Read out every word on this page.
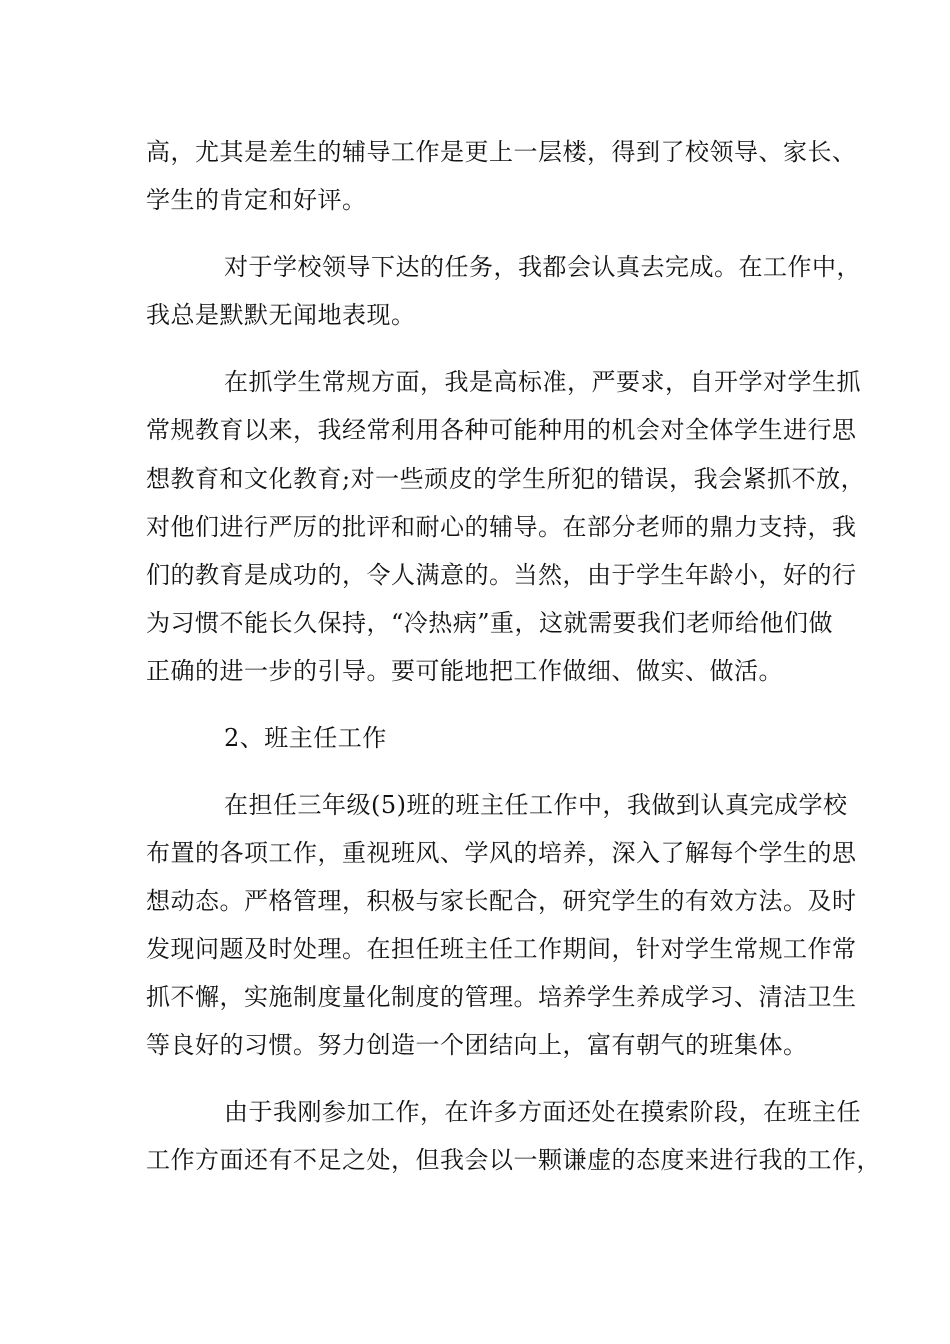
高，尤其是差生的辅导工作是更上一层楼，得到了校领导、家长、
学生的肯定和好评。
对于学校领导下达的任务，我都会认真去完成。在工作中，
我总是默默无闻地表现。
在抓学生常规方面，我是高标准，严要求，自开学对学生抓
常规教育以来，我经常利用各种可能种用的机会对全体学生进行思
想教育和文化教育;对一些顽皮的学生所犯的错误，我会紧抓不放，
对他们进行严厉的批评和耐心的辅导。在部分老师的鼎力支持，我
们的教育是成功的，令人满意的。当然，由于学生年龄小，好的行
为习惯不能长久保持，“冷热病”重，这就需要我们老师给他们做
正确的进一步的引导。要可能地把工作做细、做实、做活。
2、班主任工作
在担任三年级(5)班的班主任工作中，我做到认真完成学校
布置的各项工作，重视班风、学风的培养，深入了解每个学生的思
想动态。严格管理，积极与家长配合，研究学生的有效方法。及时
发现问题及时处理。在担任班主任工作期间，针对学生常规工作常
抓不懈，实施制度量化制度的管理。培养学生养成学习、清洁卫生
等良好的习惯。努力创造一个团结向上，富有朝气的班集体。
由于我刚参加工作，在许多方面还处在摸索阶段，在班主任
工作方面还有不足之处，但我会以一颗谦虚的态度来进行我的工作，
